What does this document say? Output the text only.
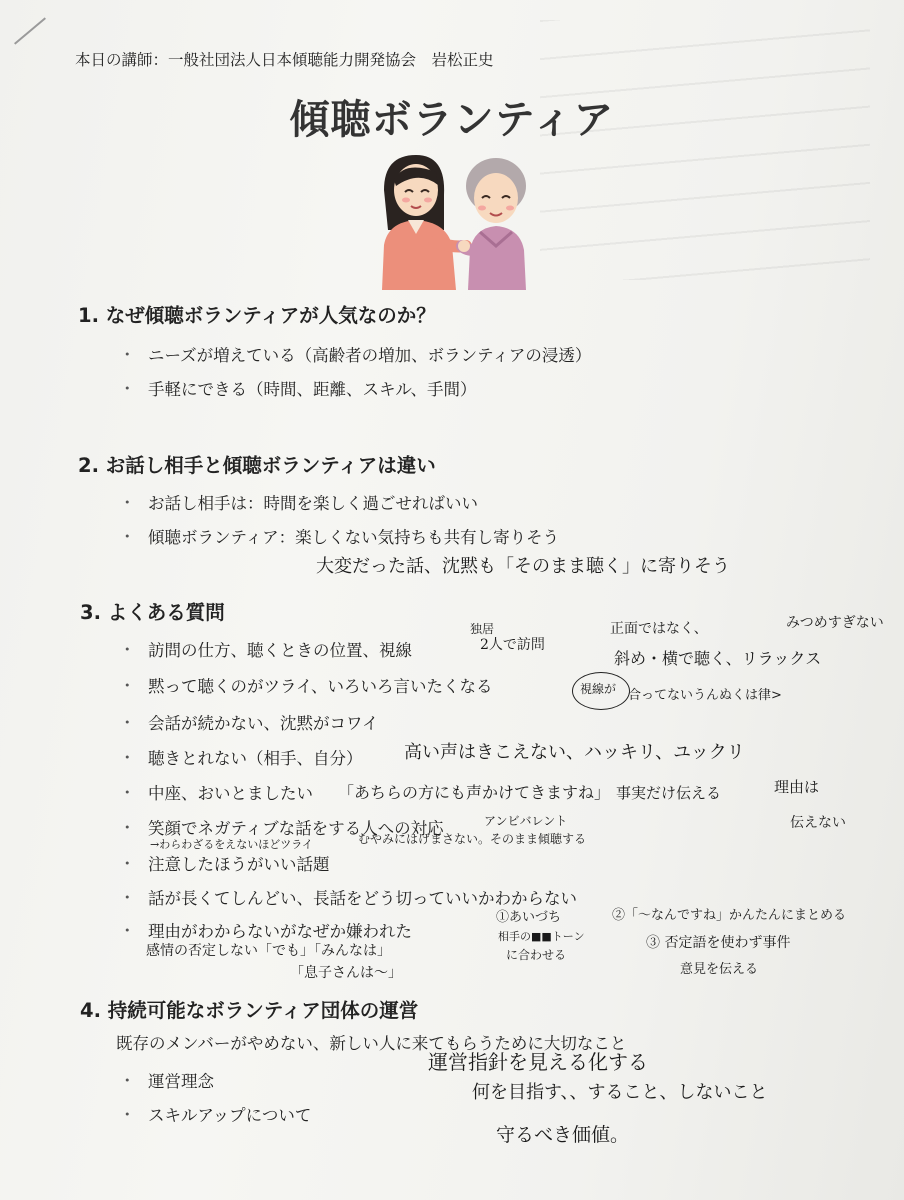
本日の講師：一般社団法人日本傾聴能力開発協会　岩松正史
傾聴ボランティア
1. なぜ傾聴ボランティアが人気なのか？
・ ニーズが増えている（高齢者の増加、ボランティアの浸透）
・ 手軽にできる（時間、距離、スキル、手間）
2. お話し相手と傾聴ボランティアは違い
・ お話し相手は：時間を楽しく過ごせればいい
・ 傾聴ボランティア：楽しくない気持ちも共有し寄りそう
大変だった話、沈黙も「そのまま聴く」に寄りそう
3. よくある質問
・ 訪問の仕方、聴くときの位置、視線
・ 黙って聴くのがツライ、いろいろ言いたくなる
・ 会話が続かない、沈黙がコワイ
・ 聴きとれない（相手、自分）
・ 中座、おいとましたい
・ 笑顔でネガティブな話をする人への対応
・ 注意したほうがいい話題
・ 話が長くてしんどい、長話をどう切っていいかわからない
・ 理由がわからないがなぜか嫌われた
独居
2人で訪問
正面ではなく、	みつめすぎない
斜め・横で聴く、リラックス
視線が 合ってないうんぬくは律>
高い声はきこえない、ハッキリ、ユックリ
「あちらの方にも声かけてきますね」 事実だけ伝える	理由は
伝えない
アンビバレント
→わらわざるをえないほどツライ	むやみにはげまさない。そのまま傾聴する
①あいづち
相手の■■トーン
に合わせる
②「〜なんですね」かんたんにまとめる
③ 否定語を使わず事件
意見を伝える
感情の否定しない「でも」「みんなは」
「息子さんは〜」
4. 持続可能なボランティア団体の運営
既存のメンバーがやめない、新しい人に来てもらうために大切なこと
・ 運営理念
・ スキルアップについて
運営指針を見える化する
何を目指す、、すること、しないこと
守るべき価値。
